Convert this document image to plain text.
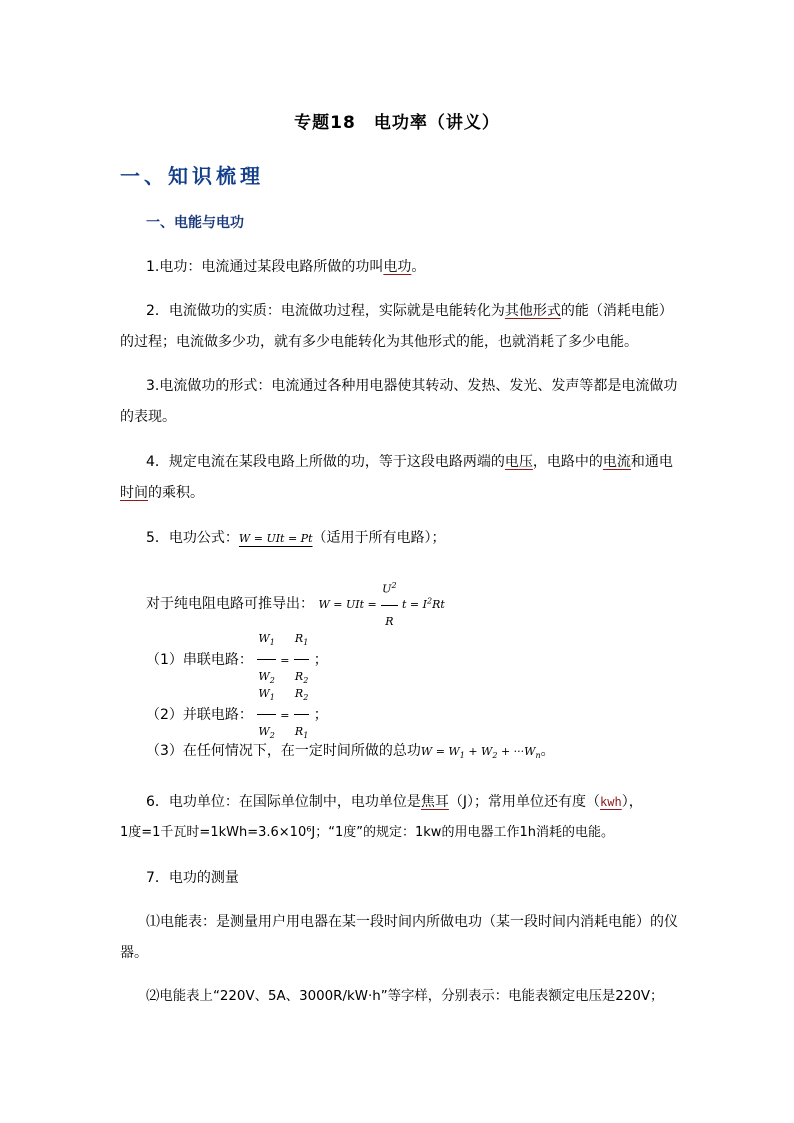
专题18　电功率（讲义）
一、知识梳理
一、电能与电功
1.电功：电流通过某段电路所做的功叫电功。
2．电流做功的实质：电流做功过程，实际就是电能转化为其他形式的能（消耗电能）
的过程；电流做多少功，就有多少电能转化为其他形式的能，也就消耗了多少电能。
3.电流做功的形式：电流通过各种用电器使其转动、发热、发光、发声等都是电流做功
的表现。
4．规定电流在某段电路上所做的功，等于这段电路两端的电压，电路中的电流和通电
时间的乘积。
5．电功公式：W = UIt = Pt（适用于所有电路）；
对于纯电阻电路可推导出： W = UIt = $\frac{U^2}{R}$ $t = I^2Rt$
（1）串联电路： $\frac{W_1}{W_2} = \frac{R_1}{R_2}$ ；
（2）并联电路： $\frac{W_1}{W_2} = \frac{R_2}{R_1}$ ；
（3）在任何情况下，在一定时间所做的总功$W = W_1 + W_2 + \cdot\cdot\cdot W_n$。
6．电功单位：在国际单位制中，电功单位是焦耳（J）；常用单位还有度（kwh），
1度=1千瓦时=1kWh=3.6×10⁶J；“1度”的规定：1kw的用电器工作1h消耗的电能。
7．电功的测量
⑴电能表：是测量用户用电器在某一段时间内所做电功（某一段时间内消耗电能）的仪
器。
⑵电能表上“220V、5A、3000R/kW·h”等字样，分别表示：电能表额定电压是220V；
